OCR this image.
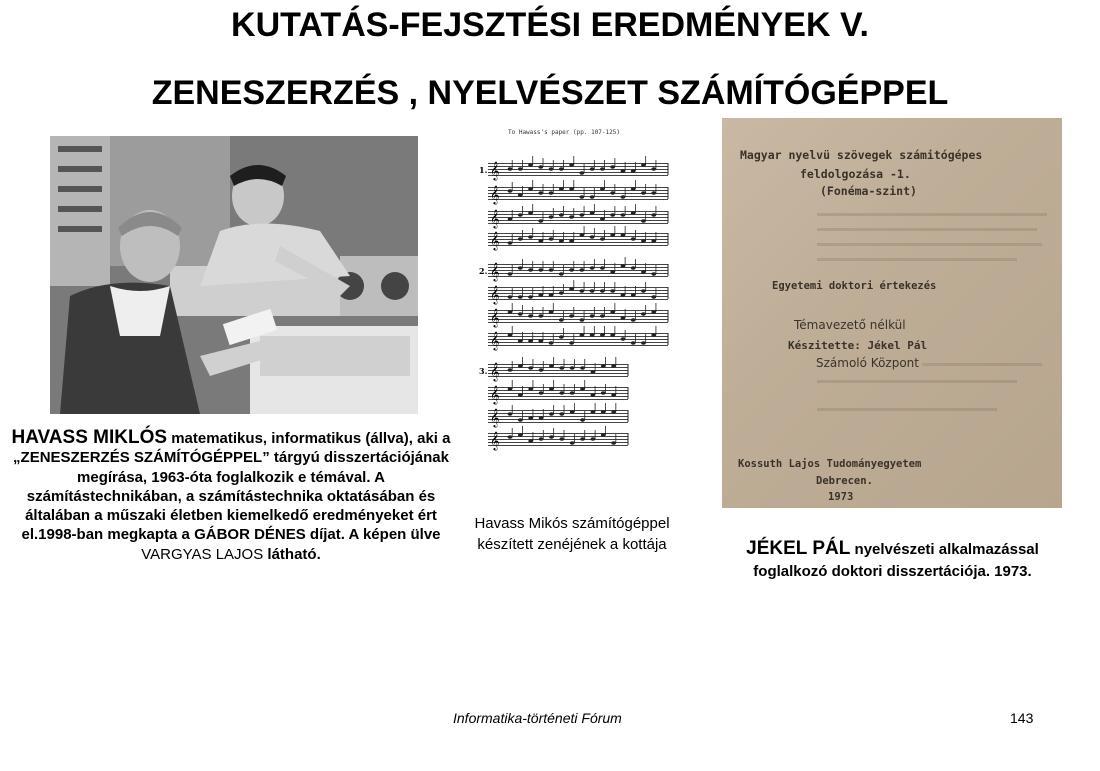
KUTATÁS-FEJSZTÉSI EREDMÉNYEK V.
ZENESZERZÉS , NYELVÉSZET SZÁMÍTÓGÉPPEL
To Hawass's paper (pp. 107-125)
1.
2.
3.
𝄞
𝄞
𝄞
𝄞
𝄞
𝄞
𝄞
𝄞
𝄞
𝄞
𝄞
𝄞
Magyar nyelvü szövegek számitógépes
feldolgozása -1.
(Fonéma-szint)
Egyetemi doktori értekezés
Témavezető nélkül
Készitette: Jékel Pál
Számoló Központ
Kossuth Lajos Tudományegyetem
Debrecen.
1973
HAVASS MIKLÓS matematikus, informatikus (állva), aki a „ZENESZERZÉS SZÁMÍTÓGÉPPEL” tárgyú disszertációjának megírása, 1963-óta foglalkozik e témával. A számítástechnikában, a számítástechnika oktatásában és általában a műszaki életben kiemelkedő eredményeket ért el.1998-ban megkapta a GÁBOR DÉNES díjat. A képen ülve VARGYAS LAJOS látható.
Havass Mikós számítógéppel készített zenéjének a kottája	JÉKEL PÁL nyelvészeti alkalmazással foglalkozó doktori disszertációja. 1973.
Informatika-történeti Fórum	143
